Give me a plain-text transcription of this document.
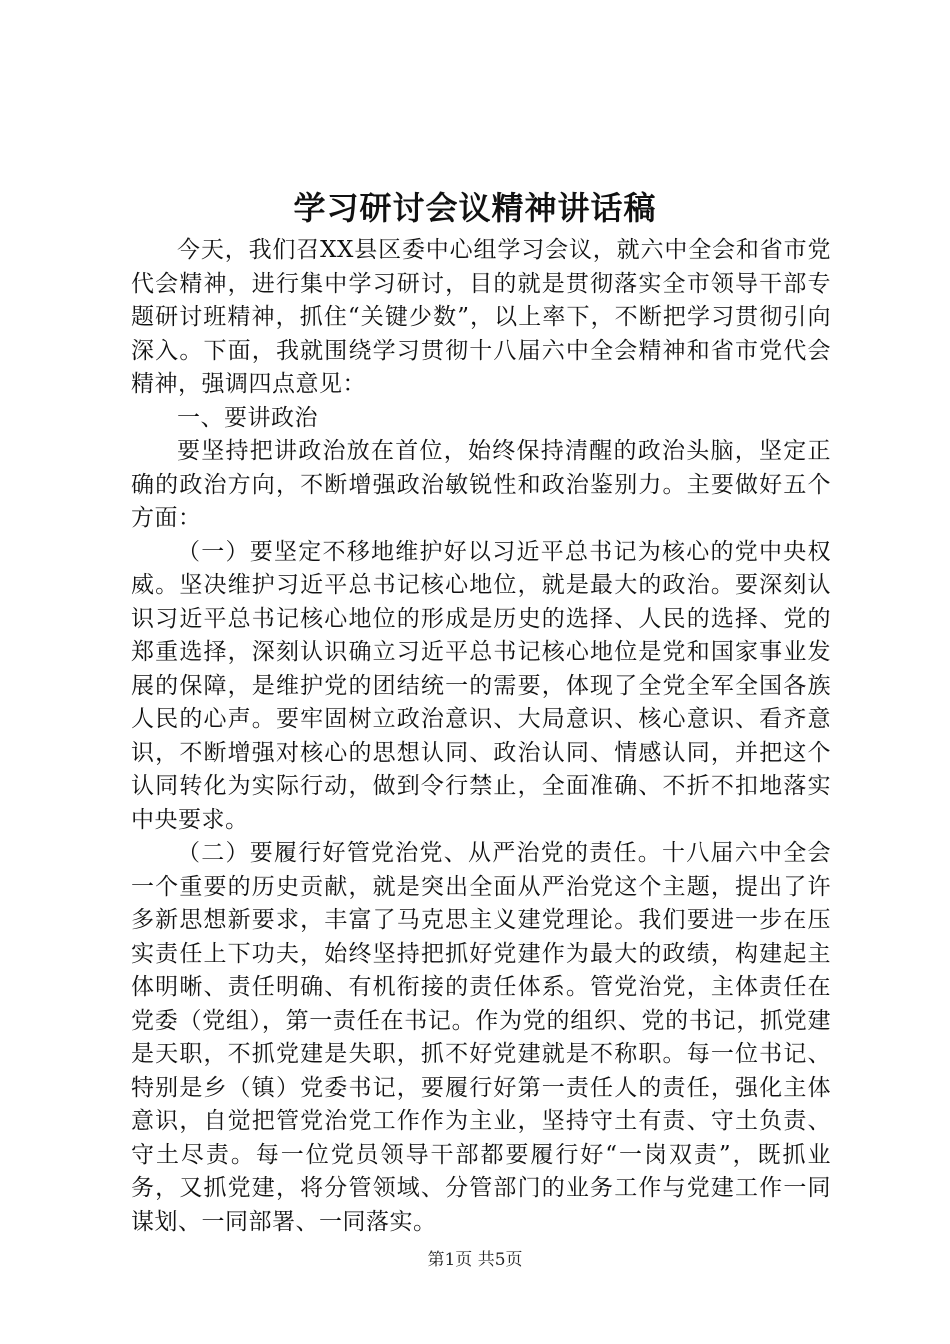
学习研讨会议精神讲话稿

今天，我们召XX县区委中心组学习会议，就六中全会和省市党代会精神，进行集中学习研讨，目的就是贯彻落实全市领导干部专题研讨班精神，抓住“关键少数”，以上率下，不断把学习贯彻引向深入。下面，我就围绕学习贯彻十八届六中全会精神和省市党代会精神，强调四点意见：

一、要讲政治

要坚持把讲政治放在首位，始终保持清醒的政治头脑，坚定正确的政治方向，不断增强政治敏锐性和政治鉴别力。主要做好五个方面：

（一）要坚定不移地维护好以习近平总书记为核心的党中央权威。坚决维护习近平总书记核心地位，就是最大的政治。要深刻认识习近平总书记核心地位的形成是历史的选择、人民的选择、党的郑重选择，深刻认识确立习近平总书记核心地位是党和国家事业发展的保障，是维护党的团结统一的需要，体现了全党全军全国各族人民的心声。要牢固树立政治意识、大局意识、核心意识、看齐意识，不断增强对核心的思想认同、政治认同、情感认同，并把这个认同转化为实际行动，做到令行禁止，全面准确、不折不扣地落实中央要求。

（二）要履行好管党治党、从严治党的责任。十八届六中全会一个重要的历史贡献，就是突出全面从严治党这个主题，提出了许多新思想新要求，丰富了马克思主义建党理论。我们要进一步在压实责任上下功夫，始终坚持把抓好党建作为最大的政绩，构建起主体明晰、责任明确、有机衔接的责任体系。管党治党，主体责任在党委（党组），第一责任在书记。作为党的组织、党的书记，抓党建是天职，不抓党建是失职，抓不好党建就是不称职。每一位书记、特别是乡（镇）党委书记，要履行好第一责任人的责任，强化主体意识，自觉把管党治党工作作为主业，坚持守土有责、守土负责、守土尽责。每一位党员领导干部都要履行好“一岗双责”，既抓业务，又抓党建，将分管领域、分管部门的业务工作与党建工作一同谋划、一同部署、一同落实。

第1页 共5页
